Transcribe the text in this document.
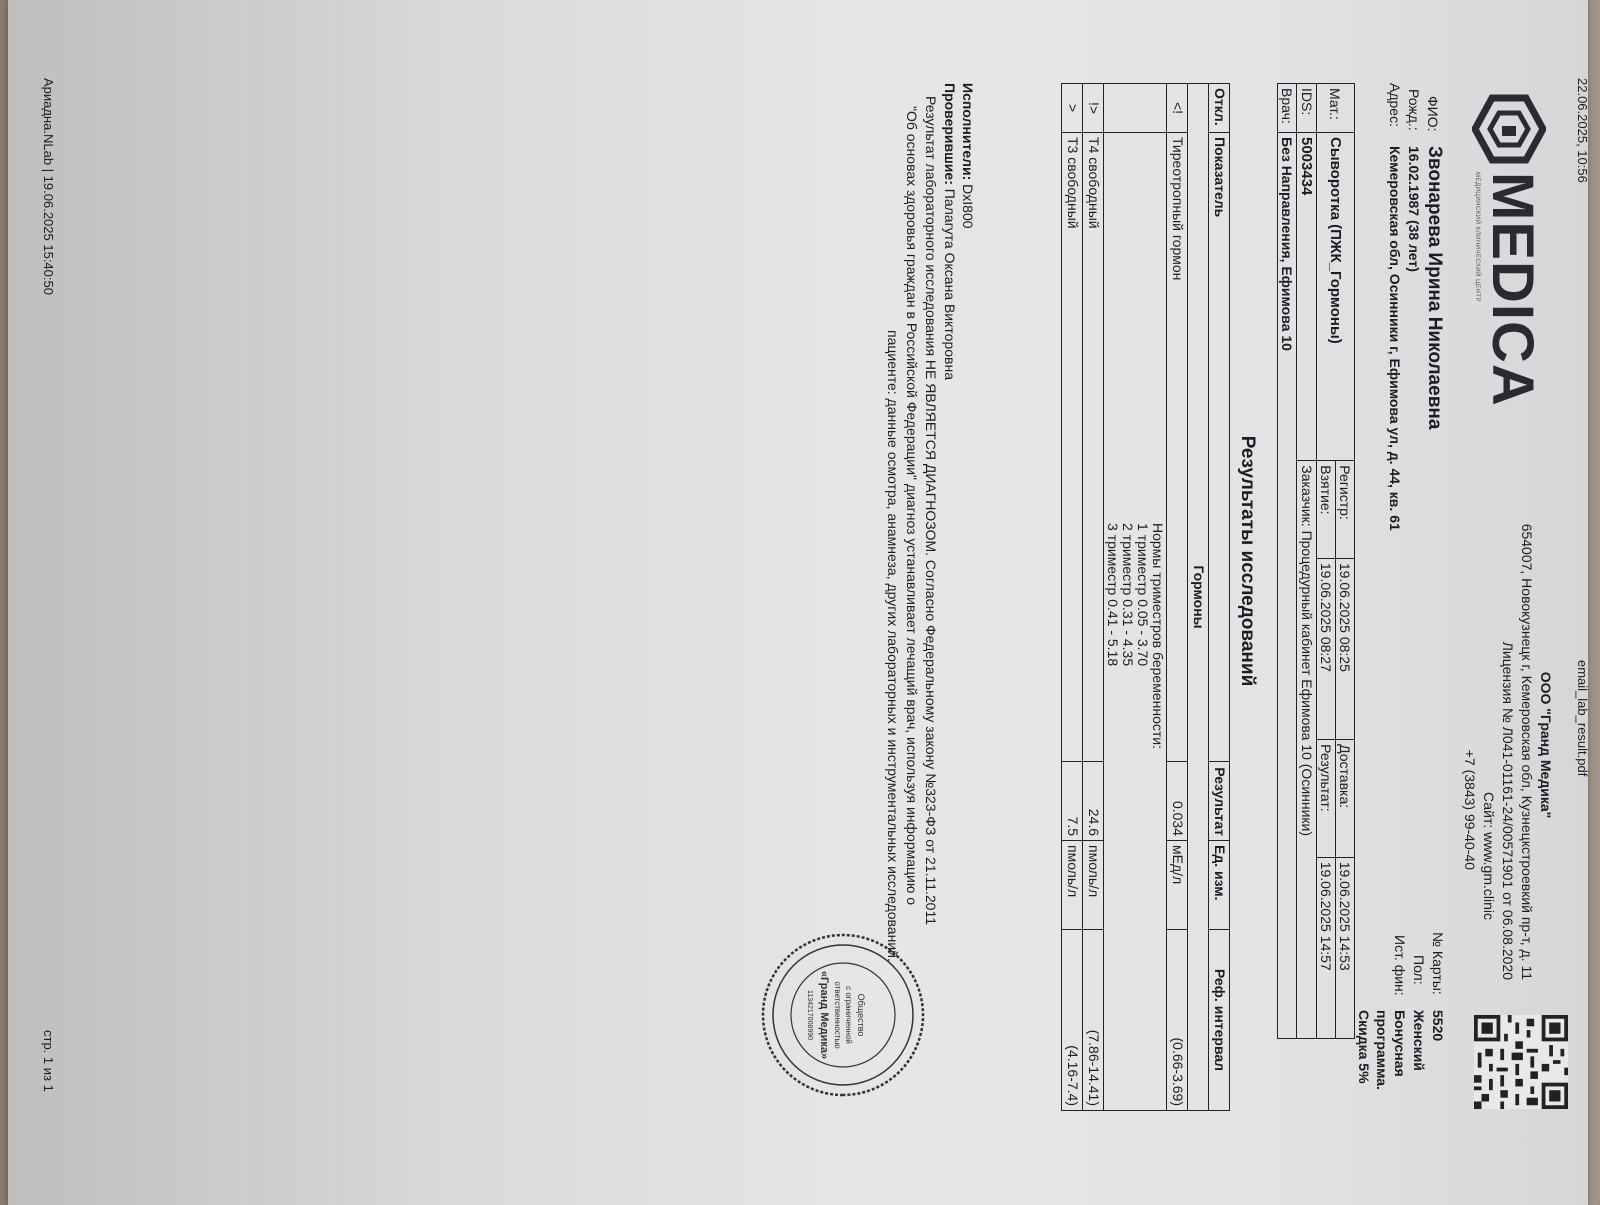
22.06.2025, 10:56
email_lab_result.pdf
MEDICA
МЕДИЦИНСКИЙ КЛИНИЧЕСКИЙ ЦЕНТР
ООО "Гранд Медика"
654007, Новокузнецк г, Кемеровская обл, Кузнецкстроевкий пр-т, д. 11
Лицензия № Л041-01161-24/00571901 от 06.08.2020
Сайт: www.gm.clinic
+7 (3843) 99-40-40
ФИО:
Звонарева Ирина Николаевна
Рожд.:
16.02.1987 (38 лет)
Адрес:
Кемеровская обл, Осинники г, Ефимова ул, д. 44, кв. 61
№ Карты:
5520
Пол:
Женский
Ист. фин:
Бонусная
программа.
Скидка 5%
Мат.:	Сыворотка (ПЖК_Гормоны)	Регистр:	19.06.2025 08:25	Доставка:	19.06.2025 14:53
		Взятие:	19.06.2025 08:27	Результат:	19.06.2025 14:57
IDS:	5003434	Заказчик: Процедурный кабинет Ефимова 10 (Осинники)			
Врач:	Без Направления, Ефимова 10				
Результаты исследований
Откл.	Показатель	Результат	Ед. изм.	Реф. интервал
Гормоны				
<!	Тиреотропный гормон	0.034	мЕд/л	(0.66-3.69)

	Нормы триместров беременности:
1 триместр 0.05 - 3.70
2 триместр 0.31 - 4.35
3 триместр 0.41 - 5.18			

!>	Т4 свободный	24.6	пмоль/л	(7.86-14.41)
>	Т3 свободный	7.5	пмоль/л	(4.16-7.4)
Исполнители: DxI800
Проверившие: Палагута Оксана Викторовна
Результат лабораторного исследования НЕ ЯВЛЯЕТСЯ ДИАГНОЗОМ. Согласно Федеральному закону №323-ФЗ от 21.11.2011
"Об основах здоровья граждан в Российской Федерации" диагноз устанавливает лечащий врач, используя информацию о
пациенте: данные осмотра, анамнеза, других лабораторных и инструментальных исследований.
Общество
с ограниченной
ответственностью
«Гранд Медика»
1134217008990
Ариадна.NLab | 19.06.2025 15:40:50
стр. 1 из 1
